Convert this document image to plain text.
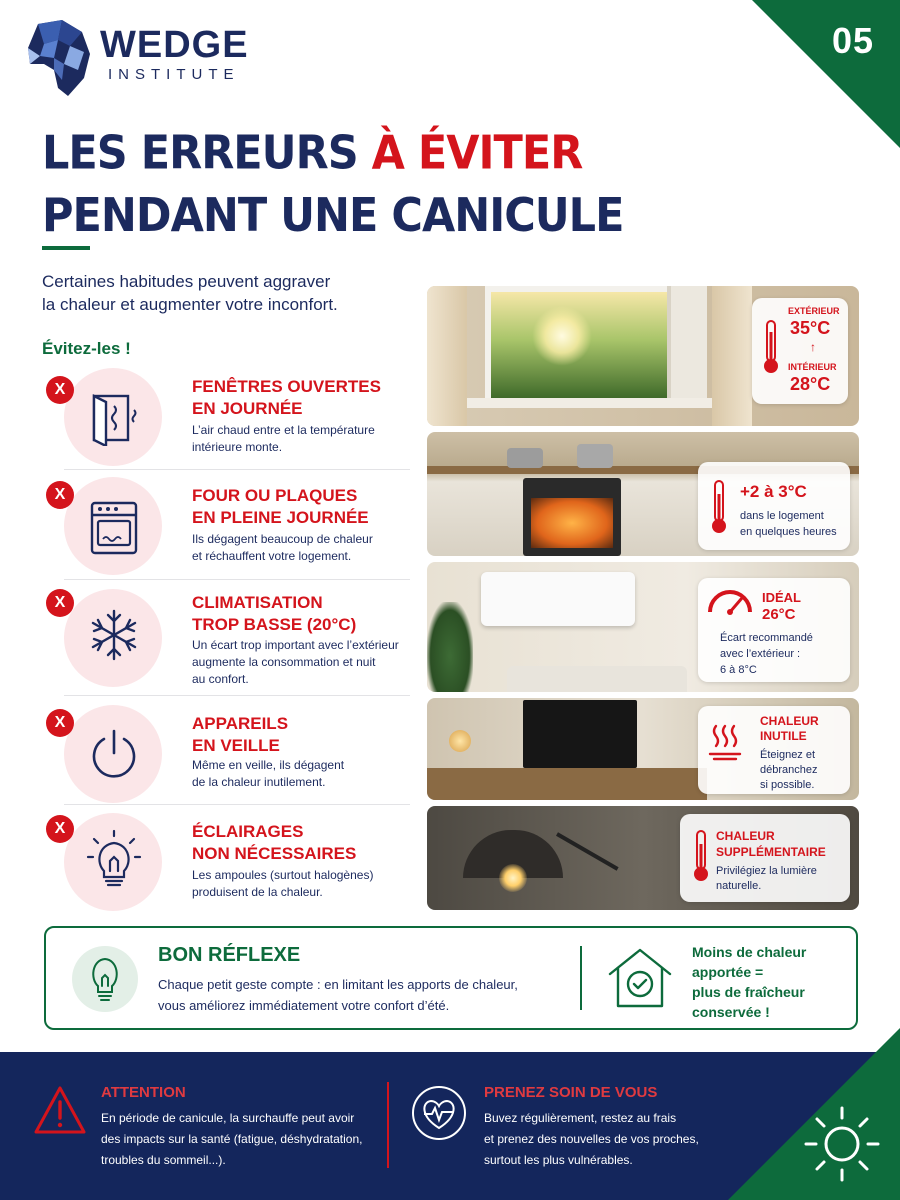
05
WEDGE
INSTITUTE
LES ERREURS À ÉVITER
PENDANT UNE CANICULE
Certaines habitudes peuvent aggraver la chaleur et augmenter votre inconfort.
Évitez-les !
X	FENÊTRES OUVERTES
EN JOURNÉE
L’air chaud entre et la température
intérieure monte.
X	FOUR OU PLAQUES
EN PLEINE JOURNÉE
Ils dégagent beaucoup de chaleur
et réchauffent votre logement.
X	CLIMATISATION
TROP BASSE (20°C)
Un écart trop important avec l’extérieur
augmente la consommation et nuit
au confort.
X	APPAREILS
EN VEILLE
Même en veille, ils dégagent
de la chaleur inutilement.
X	ÉCLAIRAGES
NON NÉCESSAIRES
Les ampoules (surtout halogènes)
produisent de la chaleur.
EXTÉRIEUR
35°C
↑
INTÉRIEUR
28°C
+2 à 3°C
dans le logement
en quelques heures
IDÉAL
26°C
Écart recommandé
avec l’extérieur :
6 à 8°C
CHALEUR
INUTILE
Éteignez et
débranchez
si possible.
CHALEUR
SUPPLÉMENTAIRE
Privilégiez la lumière
naturelle.
BON RÉFLEXE
Chaque petit geste compte : en limitant les apports de chaleur,
vous améliorez immédiatement votre confort d’été.
Moins de chaleur
apportée =
plus de fraîcheur
conservée !
ATTENTION
En période de canicule, la surchauffe peut avoir
des impacts sur la santé (fatigue, déshydratation,
troubles du sommeil...).
PRENEZ SOIN DE VOUS
Buvez régulièrement, restez au frais
et prenez des nouvelles de vos proches,
surtout les plus vulnérables.
